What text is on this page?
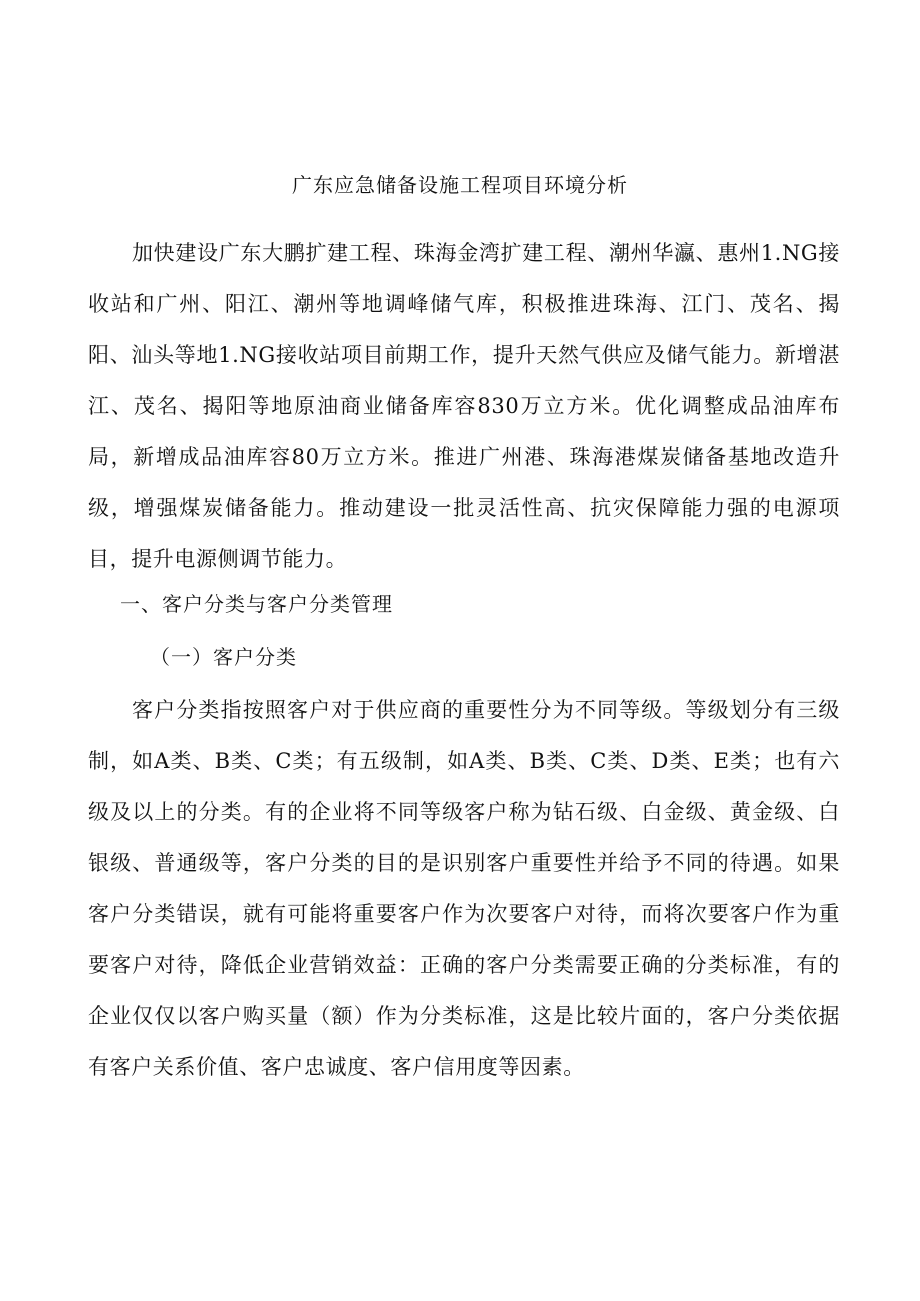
广东应急储备设施工程项目环境分析

加快建设广东大鹏扩建工程、珠海金湾扩建工程、潮州华瀛、惠州1.NG接收站和广州、阳江、潮州等地调峰储气库，积极推进珠海、江门、茂名、揭阳、汕头等地1.NG接收站项目前期工作，提升天然气供应及储气能力。新增湛江、茂名、揭阳等地原油商业储备库容830万立方米。优化调整成品油库布局，新增成品油库容80万立方米。推进广州港、珠海港煤炭储备基地改造升级，增强煤炭储备能力。推动建设一批灵活性高、抗灾保障能力强的电源项目，提升电源侧调节能力。

一、客户分类与客户分类管理

（一）客户分类

客户分类指按照客户对于供应商的重要性分为不同等级。等级划分有三级制，如A类、B类、C类；有五级制，如A类、B类、C类、D类、E类；也有六级及以上的分类。有的企业将不同等级客户称为钻石级、白金级、黄金级、白银级、普通级等，客户分类的目的是识别客户重要性并给予不同的待遇。如果客户分类错误，就有可能将重要客户作为次要客户对待，而将次要客户作为重要客户对待，降低企业营销效益：正确的客户分类需要正确的分类标准，有的企业仅仅以客户购买量（额）作为分类标准，这是比较片面的，客户分类依据有客户关系价值、客户忠诚度、客户信用度等因素。
